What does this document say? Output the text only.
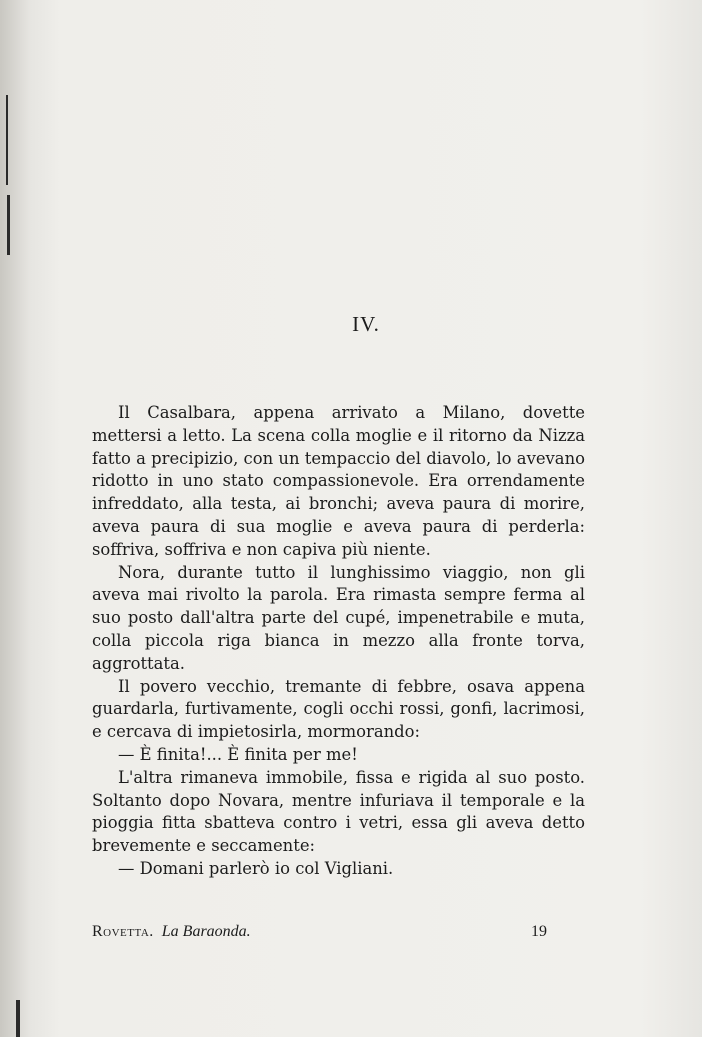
IV.

Il Casalbara, appena arrivato a Milano, dovette mettersi a letto. La scena colla moglie e il ritorno da Nizza fatto a precipizio, con un tempaccio del diavolo, lo avevano ridotto in uno stato compassionevole. Era orrendamente infreddato, alla testa, ai bronchi; aveva paura di morire, aveva paura di sua moglie e aveva paura di perderla: soffriva, soffriva e non capiva più niente.

Nora, durante tutto il lunghissimo viaggio, non gli aveva mai rivolto la parola. Era rimasta sempre ferma al suo posto dall'altra parte del cupé, impenetrabile e muta, colla piccola riga bianca in mezzo alla fronte torva, aggrottata.

Il povero vecchio, tremante di febbre, osava appena guardarla, furtivamente, cogli occhi rossi, gonfi, lacrimosi, e cercava di impietosirla, mormorando:

— È finita!... È finita per me!

L'altra rimaneva immobile, fissa e rigida al suo posto. Soltanto dopo Novara, mentre infuriava il temporale e la pioggia fitta sbatteva contro i vetri, essa gli aveva detto brevemente e seccamente:

— Domani parlerò io col Vigliani.

Rovetta. La Baraonda.	19
